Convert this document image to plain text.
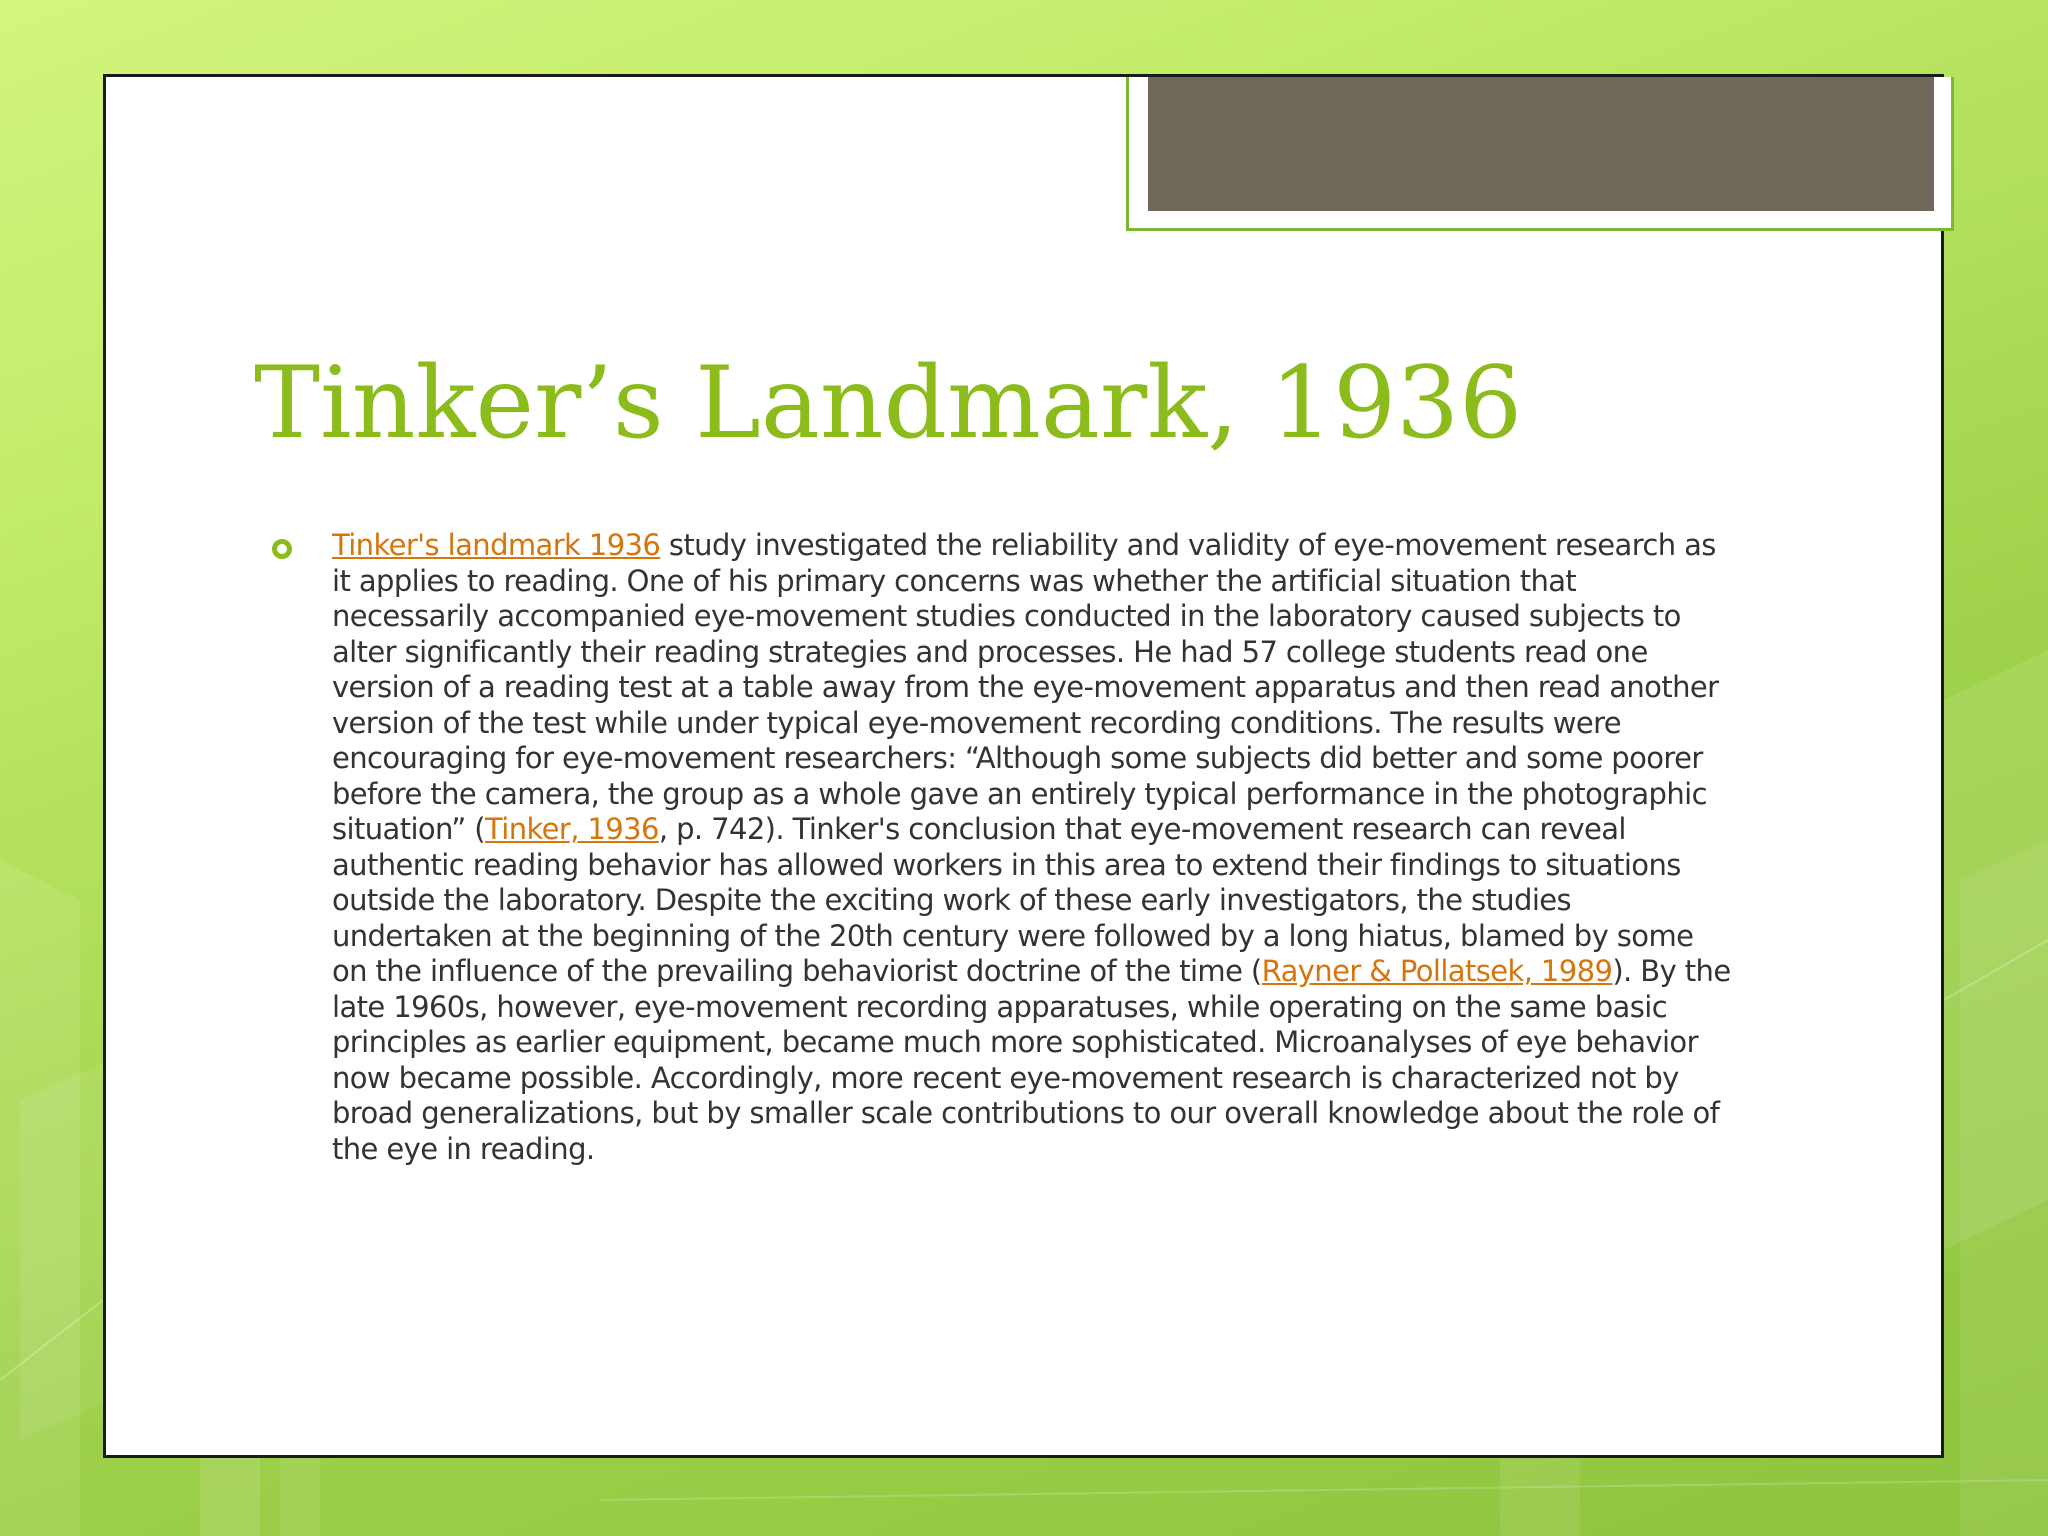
Tinker’s Landmark, 1936

Tinker's landmark 1936 study investigated the reliability and validity of eye-movement research as it applies to reading. One of his primary concerns was whether the artificial situation that necessarily accompanied eye-movement studies conducted in the laboratory caused subjects to alter significantly their reading strategies and processes. He had 57 college students read one version of a reading test at a table away from the eye-movement apparatus and then read another version of the test while under typical eye-movement recording conditions. The results were encouraging for eye-movement researchers: “Although some subjects did better and some poorer before the camera, the group as a whole gave an entirely typical performance in the photographic situation” (Tinker, 1936, p. 742). Tinker's conclusion that eye-movement research can reveal authentic reading behavior has allowed workers in this area to extend their findings to situations outside the laboratory. Despite the exciting work of these early investigators, the studies undertaken at the beginning of the 20th century were followed by a long hiatus, blamed by some on the influence of the prevailing behaviorist doctrine of the time (Rayner & Pollatsek, 1989). By the late 1960s, however, eye-movement recording apparatuses, while operating on the same basic principles as earlier equipment, became much more sophisticated. Microanalyses of eye behavior now became possible. Accordingly, more recent eye-movement research is characterized not by broad generalizations, but by smaller scale contributions to our overall knowledge about the role of the eye in reading.
